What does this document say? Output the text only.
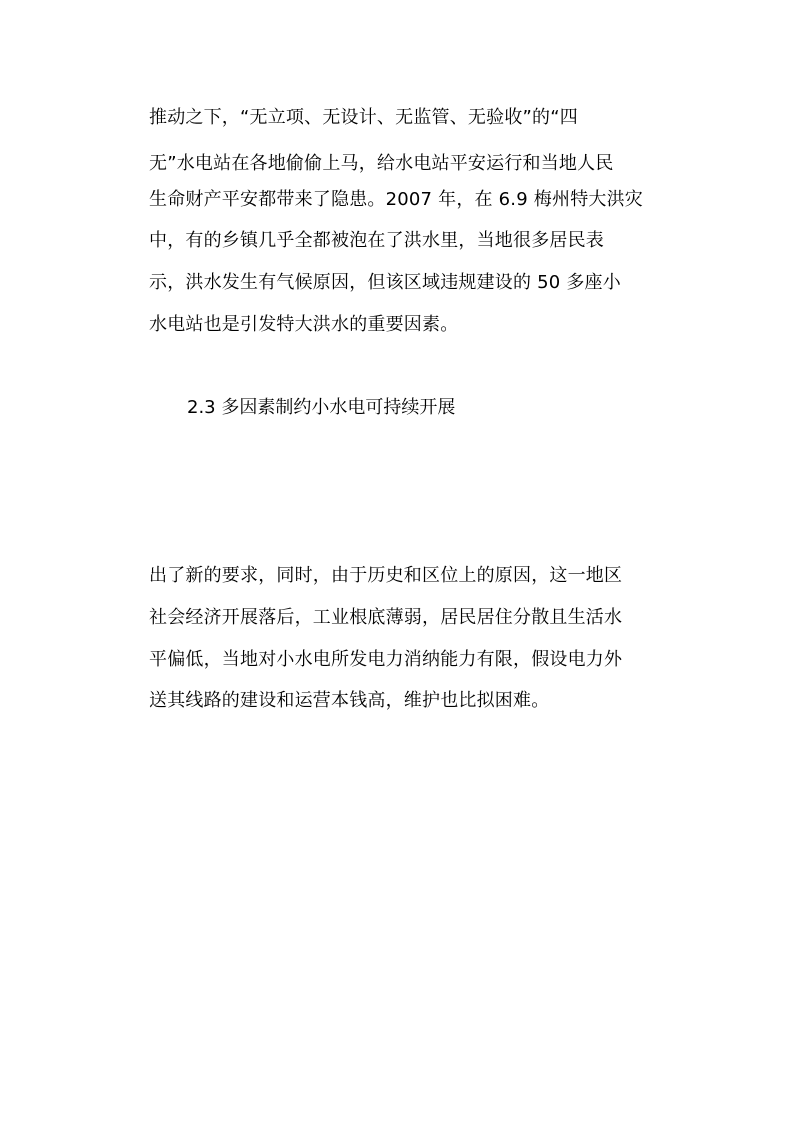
推动之下，“无立项、无设计、无监管、无验收”的“四
无”水电站在各地偷偷上马，给水电站平安运行和当地人民
生命财产平安都带来了隐患。2007 年，在 6.9 梅州特大洪灾
中，有的乡镇几乎全都被泡在了洪水里，当地很多居民表
示，洪水发生有气候原因，但该区域违规建设的 50 多座小
水电站也是引发特大洪水的重要因素。
2.3 多因素制约小水电可持续开展
出了新的要求，同时，由于历史和区位上的原因，这一地区
社会经济开展落后，工业根底薄弱，居民居住分散且生活水
平偏低，当地对小水电所发电力消纳能力有限，假设电力外
送其线路的建设和运营本钱高，维护也比拟困难。
